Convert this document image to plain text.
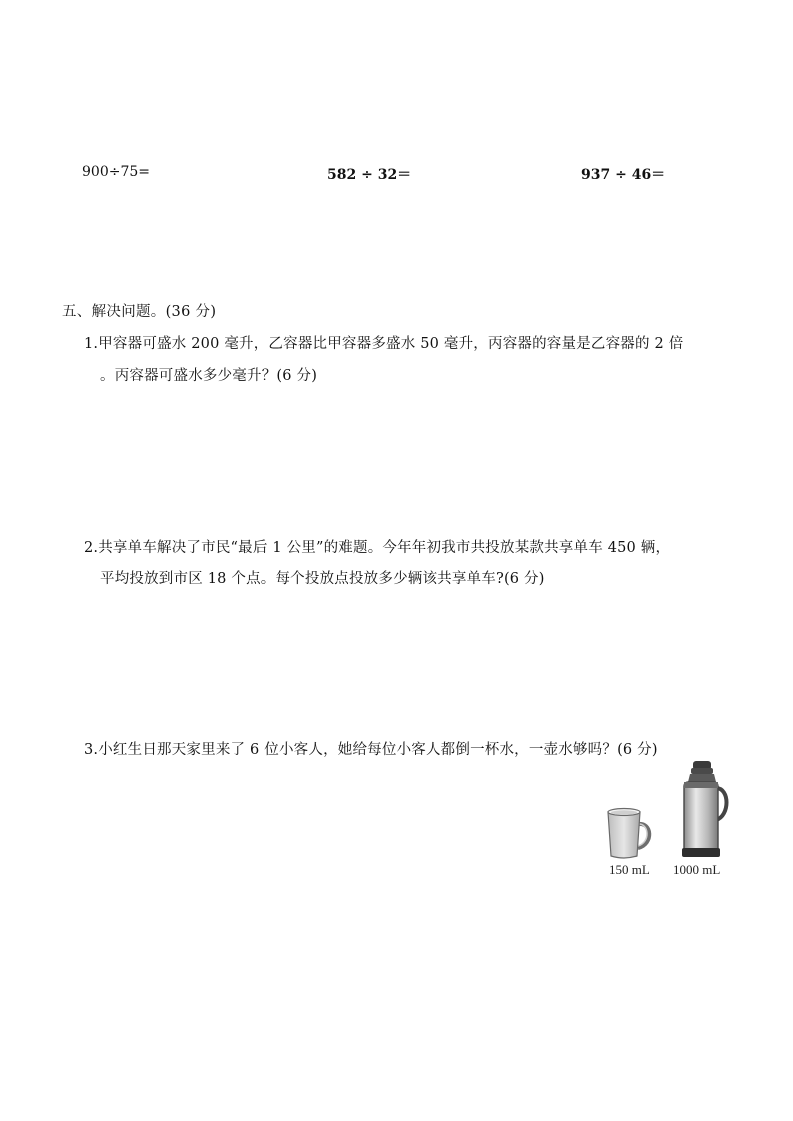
900÷75=	582 ÷ 32＝	937 ÷ 46＝
五、解决问题。(36 分)
1.甲容器可盛水 200 毫升，乙容器比甲容器多盛水 50 毫升，丙容器的容量是乙容器的 2 倍
。丙容器可盛水多少毫升？(6 分)
2.共享单车解决了市民“最后 1 公里”的难题。今年年初我市共投放某款共享单车 450 辆，
平均投放到市区 18 个点。每个投放点投放多少辆该共享单车?(6 分)
3.小红生日那天家里来了 6 位小客人，她给每位小客人都倒一杯水，一壶水够吗？(6 分)
150 mL 1000 mL
